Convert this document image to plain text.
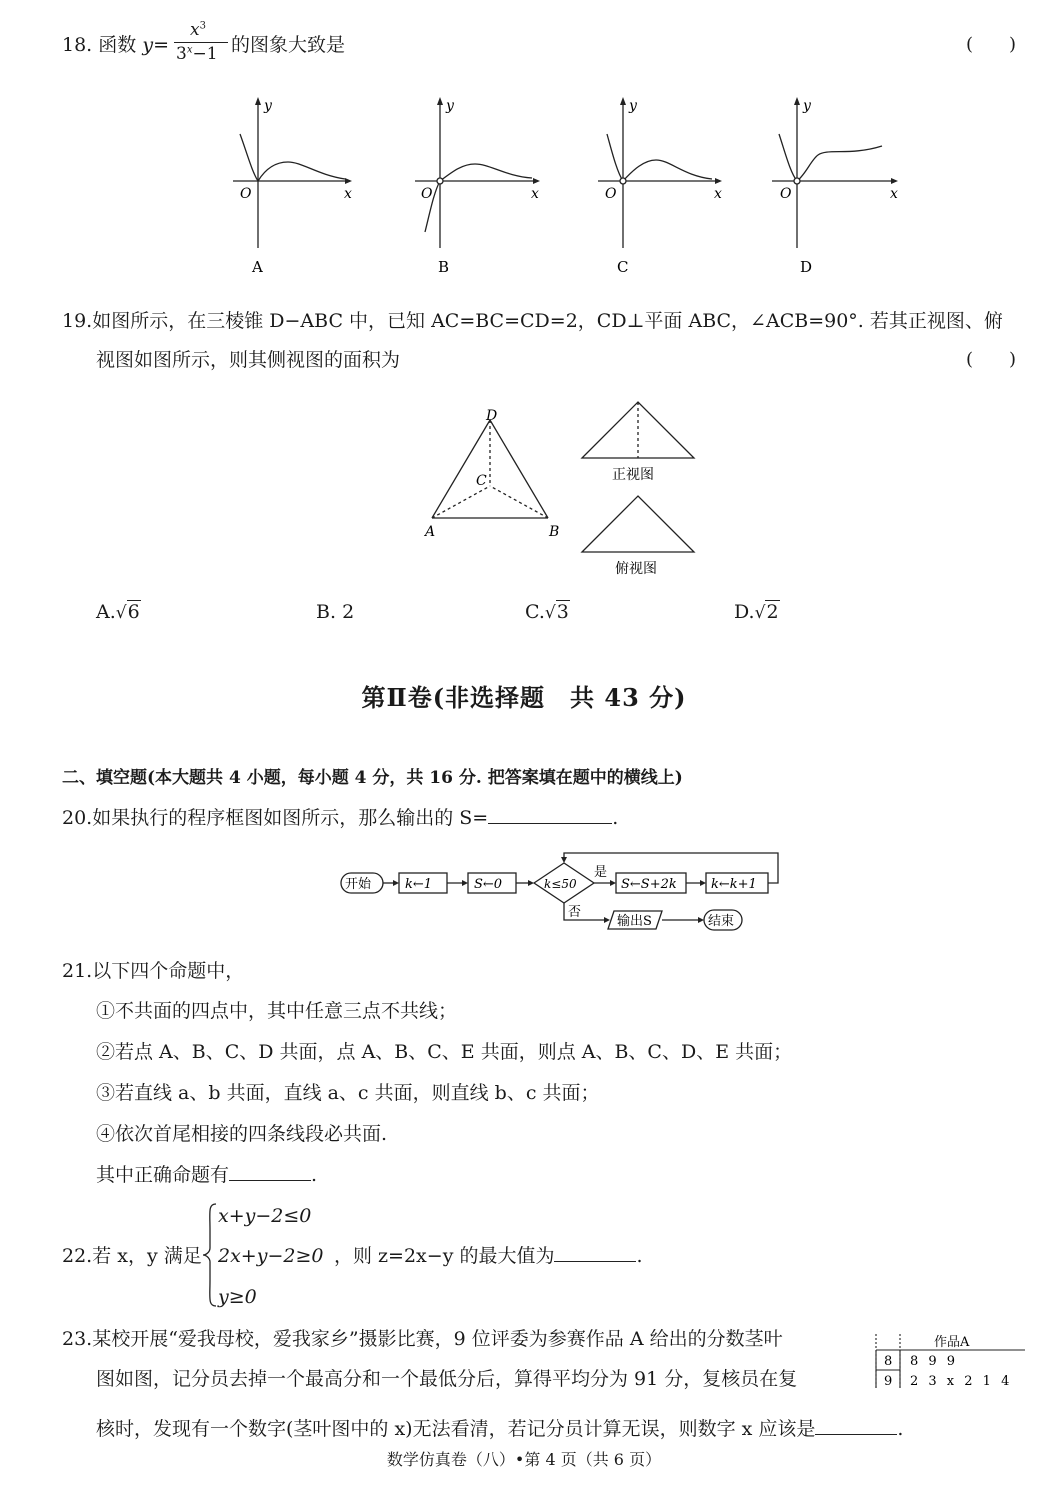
18. 函数 y=
$x^3$
$3^x-1$ 的图象大致是	(　　)
y
x
O
A
y
x
O
B
y
x
O
C
y
x
O
D
19.如图所示，在三棱锥 D−ABC 中，已知 AC=BC=CD=2，CD⊥平面 ABC，∠ACB=90°. 若其正视图、俯
视图如图所示，则其侧视图的面积为	(　　)
D
C
A	B
正视图
俯视图
A.√6	B. 2	C.√3	D.√2
第Ⅱ卷(非选择题　共 43 分)
二、填空题(本大题共 4 小题，每小题 4 分，共 16 分. 把答案填在题中的横线上)
20.如果执行的程序框图如图所示，那么输出的 S=	.
开始	k←1	S←0	k≤50
是
否
S←S+2k	k←k+1
输出S	结束
21.以下四个命题中，
①不共面的四点中，其中任意三点不共线；
②若点 A、B、C、D 共面，点 A、B、C、E 共面，则点 A、B、C、D、E 共面；
③若直线 a、b 共面，直线 a、c 共面，则直线 b、c 共面；
④依次首尾相接的四条线段必共面.
其中正确命题有	.
22.若 x，y 满足
x+y−2≤0
2x+y−2≥0
y≥0
，则 z=2x−y 的最大值为	.
23.某校开展“爱我母校，爱我家乡”摄影比赛，9 位评委为参赛作品 A 给出的分数茎叶
图如图，记分员去掉一个最高分和一个最低分后，算得平均分为 91 分，复核员在复
核时，发现有一个数字(茎叶图中的 x)无法看清，若记分员计算无误，则数字 x 应该是	.
作品A
8 8 9 9
9 2 3 x 2 1 4
数学仿真卷（八）•第 4 页（共 6 页）
